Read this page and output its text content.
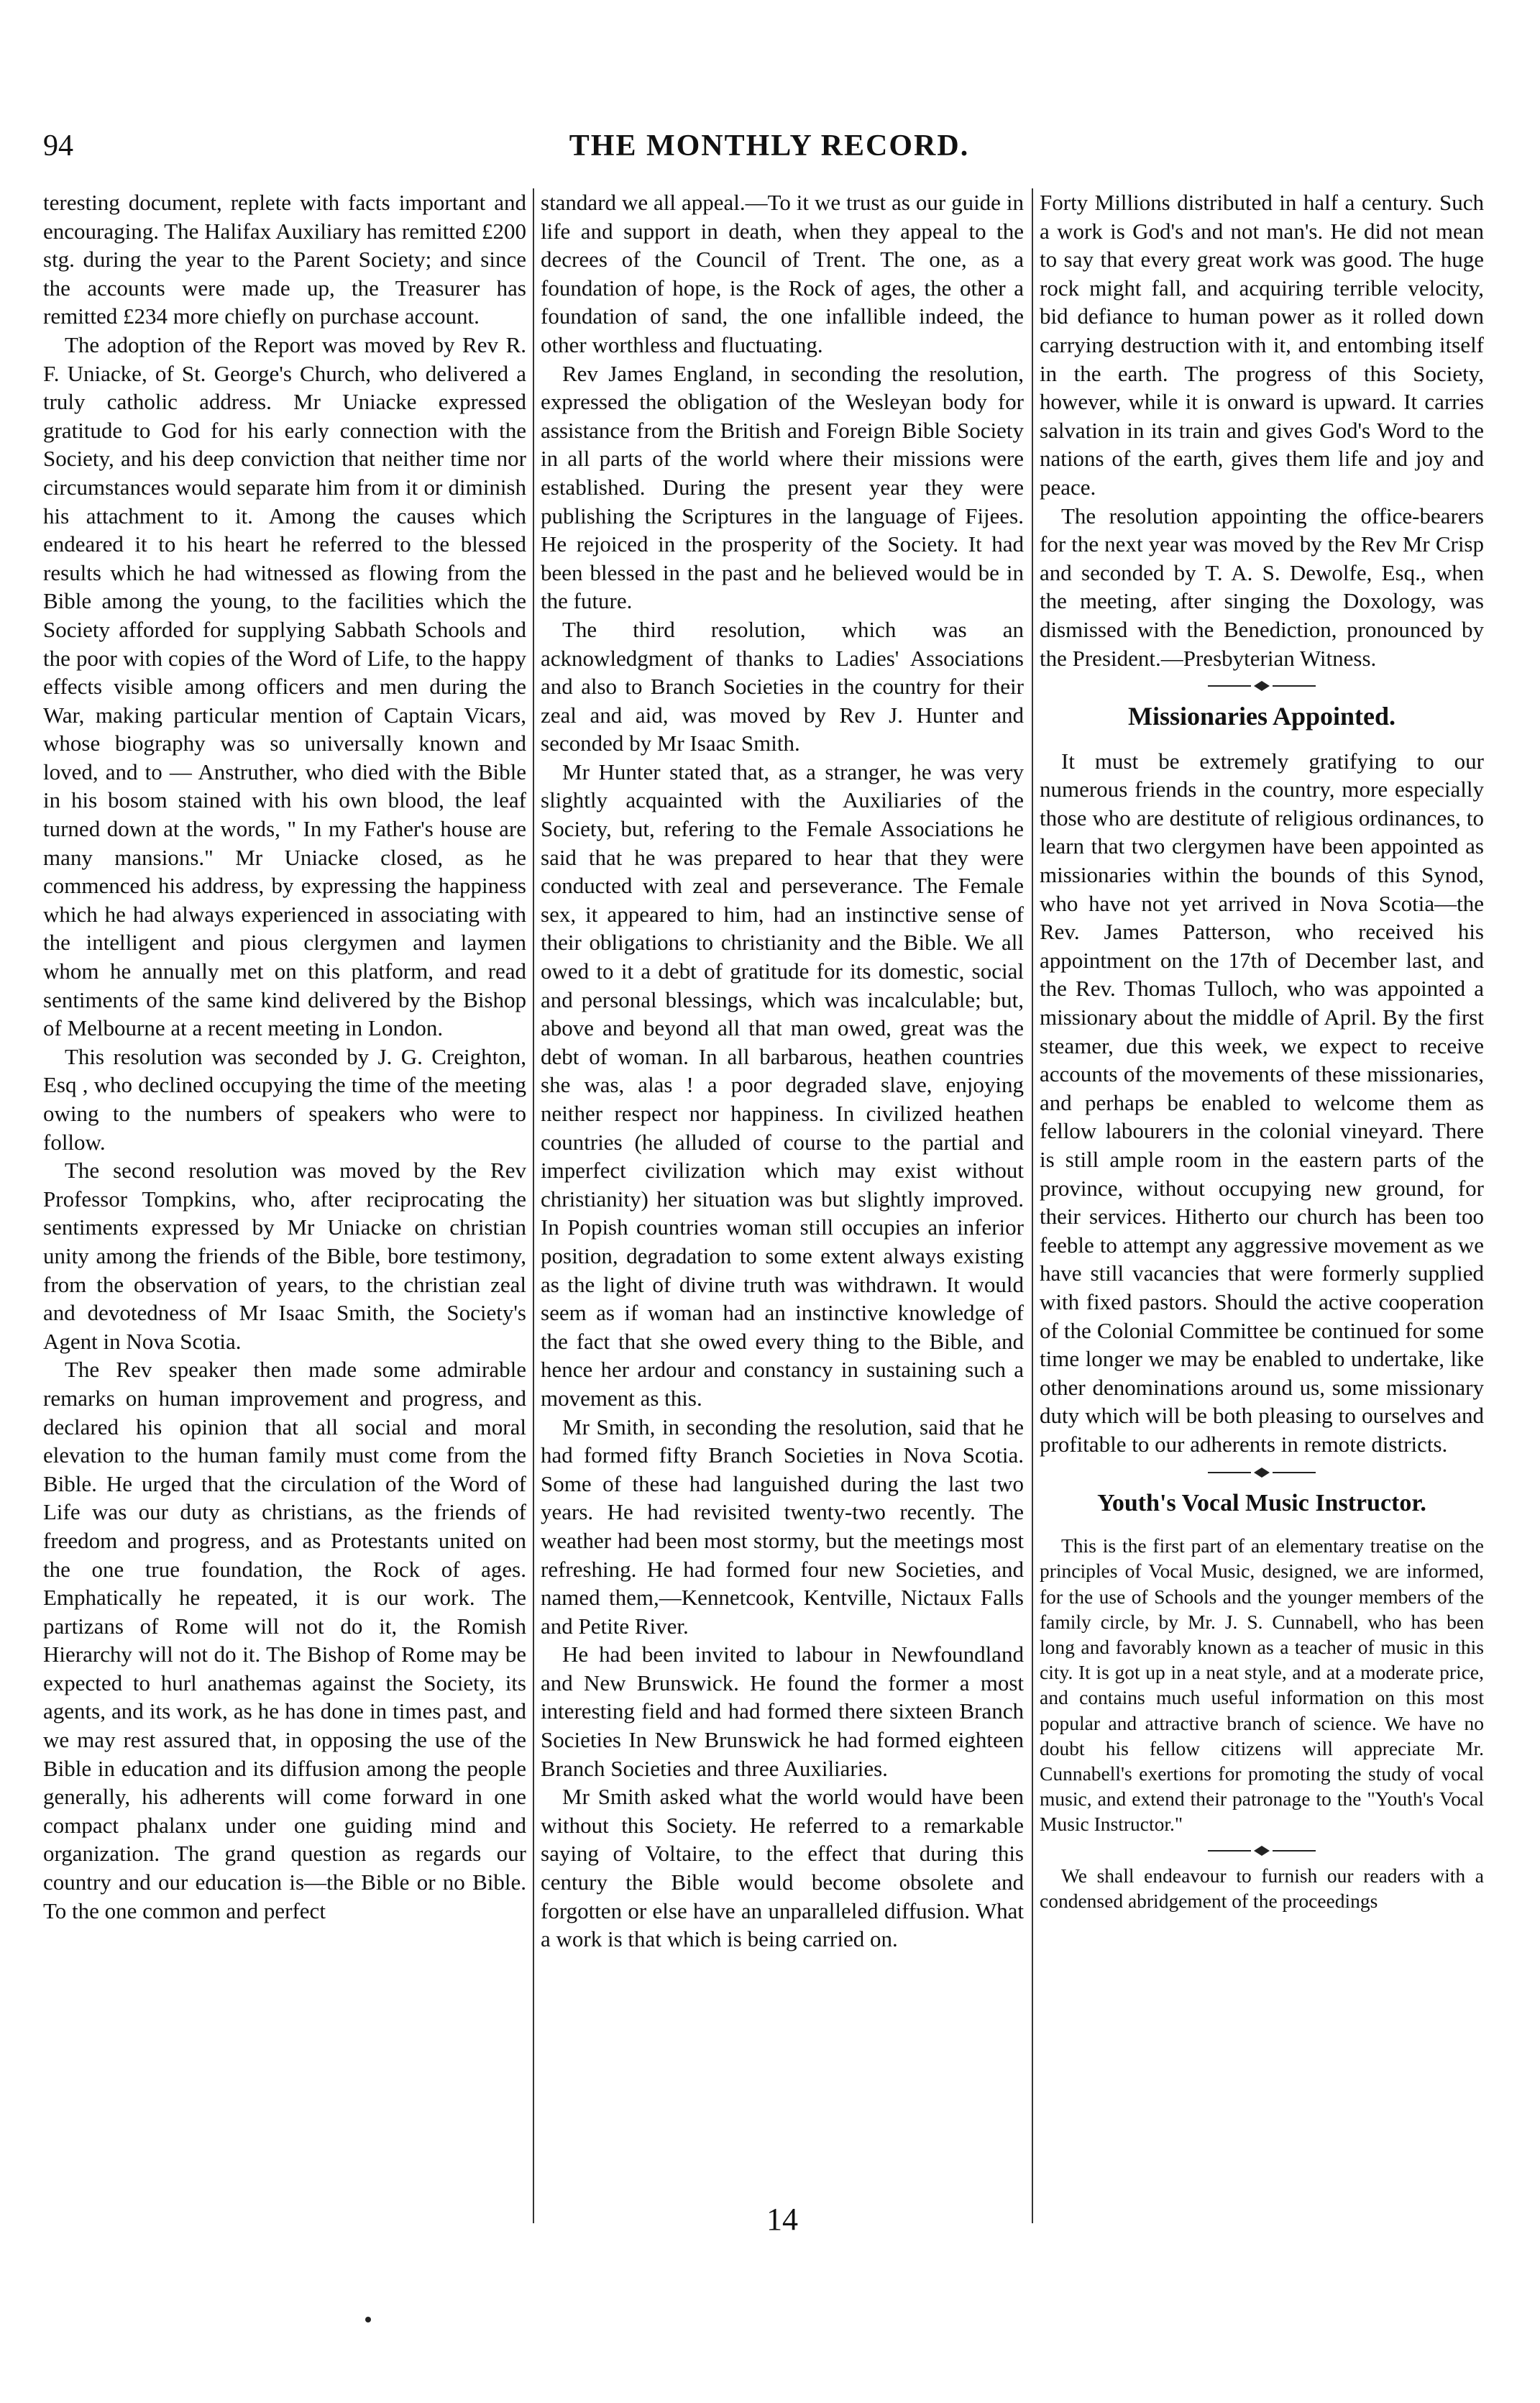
94	THE MONTHLY RECORD.

teresting document, replete with facts important and encouraging. The Halifax Auxiliary has remitted £200 stg. during the year to the Parent Society; and since the accounts were made up, the Treasurer has remitted £234 more chiefly on purchase account.

The adoption of the Report was moved by Rev R. F. Uniacke, of St. George's Church, who delivered a truly catholic address. Mr Uniacke expressed gratitude to God for his early connection with the Society, and his deep conviction that neither time nor circumstances would separate him from it or diminish his attachment to it. Among the causes which endeared it to his heart he referred to the blessed results which he had witnessed as flowing from the Bible among the young, to the facilities which the Society afforded for supplying Sabbath Schools and the poor with copies of the Word of Life, to the happy effects visible among officers and men during the War, making particular mention of Captain Vicars, whose biography was so universally known and loved, and to — Anstruther, who died with the Bible in his bosom stained with his own blood, the leaf turned down at the words, " In my Father's house are many mansions." Mr Uniacke closed, as he commenced his address, by expressing the happiness which he had always experienced in associating with the intelligent and pious clergymen and laymen whom he annually met on this platform, and read sentiments of the same kind delivered by the Bishop of Melbourne at a recent meeting in London.

This resolution was seconded by J. G. Creighton, Esq , who declined occupying the time of the meeting owing to the numbers of speakers who were to follow.

The second resolution was moved by the Rev Professor Tompkins, who, after reciprocating the sentiments expressed by Mr Uniacke on christian unity among the friends of the Bible, bore testimony, from the observation of years, to the christian zeal and devotedness of Mr Isaac Smith, the Society's Agent in Nova Scotia.

The Rev speaker then made some admirable remarks on human improvement and progress, and declared his opinion that all social and moral elevation to the human family must come from the Bible. He urged that the circulation of the Word of Life was our duty as christians, as the friends of freedom and progress, and as Protestants united on the one true foundation, the Rock of ages. Emphatically he repeated, it is our work. The partizans of Rome will not do it, the Romish Hierarchy will not do it. The Bishop of Rome may be expected to hurl anathemas against the Society, its agents, and its work, as he has done in times past, and we may rest assured that, in opposing the use of the Bible in education and its diffusion among the people generally, his adherents will come forward in one compact phalanx under one guiding mind and organization. The grand question as regards our country and our education is—the Bible or no Bible. To the one common and perfect

standard we all appeal.—To it we trust as our guide in life and support in death, when they appeal to the decrees of the Council of Trent. The one, as a foundation of hope, is the Rock of ages, the other a foundation of sand, the one infallible indeed, the other worthless and fluctuating.

Rev James England, in seconding the resolution, expressed the obligation of the Wesleyan body for assistance from the British and Foreign Bible Society in all parts of the world where their missions were established. During the present year they were publishing the Scriptures in the language of Fijees. He rejoiced in the prosperity of the Society. It had been blessed in the past and he believed would be in the future.

The third resolution, which was an acknowledgment of thanks to Ladies' Associations and also to Branch Societies in the country for their zeal and aid, was moved by Rev J. Hunter and seconded by Mr Isaac Smith.

Mr Hunter stated that, as a stranger, he was very slightly acquainted with the Auxiliaries of the Society, but, refering to the Female Associations he said that he was prepared to hear that they were conducted with zeal and perseverance. The Female sex, it appeared to him, had an instinctive sense of their obligations to christianity and the Bible. We all owed to it a debt of gratitude for its domestic, social and personal blessings, which was incalculable; but, above and beyond all that man owed, great was the debt of woman. In all barbarous, heathen countries she was, alas ! a poor degraded slave, enjoying neither respect nor happiness. In civilized heathen countries (he alluded of course to the partial and imperfect civilization which may exist without christianity) her situation was but slightly improved. In Popish countries woman still occupies an inferior position, degradation to some extent always existing as the light of divine truth was withdrawn. It would seem as if woman had an instinctive knowledge of the fact that she owed every thing to the Bible, and hence her ardour and constancy in sustaining such a movement as this.

Mr Smith, in seconding the resolution, said that he had formed fifty Branch Societies in Nova Scotia. Some of these had languished during the last two years. He had revisited twenty-two recently. The weather had been most stormy, but the meetings most refreshing. He had formed four new Societies, and named them,—Kennetcook, Kentville, Nictaux Falls and Petite River.

He had been invited to labour in Newfoundland and New Brunswick. He found the former a most interesting field and had formed there sixteen Branch Societies In New Brunswick he had formed eighteen Branch Societies and three Auxiliaries.

Mr Smith asked what the world would have been without this Society. He referred to a remarkable saying of Voltaire, to the effect that during this century the Bible would become obsolete and forgotten or else have an unparalleled diffusion. What a work is that which is being carried on.

Forty Millions distributed in half a century. Such a work is God's and not man's. He did not mean to say that every great work was good. The huge rock might fall, and acquiring terrible velocity, bid defiance to human power as it rolled down carrying destruction with it, and entombing itself in the earth. The progress of this Society, however, while it is onward is upward. It carries salvation in its train and gives God's Word to the nations of the earth, gives them life and joy and peace.

The resolution appointing the office-bearers for the next year was moved by the Rev Mr Crisp and seconded by T. A. S. Dewolfe, Esq., when the meeting, after singing the Doxology, was dismissed with the Benediction, pronounced by the President.—Presbyterian Witness.

Missionaries Appointed.

It must be extremely gratifying to our numerous friends in the country, more especially those who are destitute of religious ordinances, to learn that two clergymen have been appointed as missionaries within the bounds of this Synod, who have not yet arrived in Nova Scotia—the Rev. James Patterson, who received his appointment on the 17th of December last, and the Rev. Thomas Tulloch, who was appointed a missionary about the middle of April. By the first steamer, due this week, we expect to receive accounts of the movements of these missionaries, and perhaps be enabled to welcome them as fellow labourers in the colonial vineyard. There is still ample room in the eastern parts of the province, without occupying new ground, for their services. Hitherto our church has been too feeble to attempt any aggressive movement as we have still vacancies that were formerly supplied with fixed pastors. Should the active cooperation of the Colonial Committee be continued for some time longer we may be enabled to undertake, like other denominations around us, some missionary duty which will be both pleasing to ourselves and profitable to our adherents in remote districts.

Youth's Vocal Music Instructor.

This is the first part of an elementary treatise on the principles of Vocal Music, designed, we are informed, for the use of Schools and the younger members of the family circle, by Mr. J. S. Cunnabell, who has been long and favorably known as a teacher of music in this city. It is got up in a neat style, and at a moderate price, and contains much useful information on this most popular and attractive branch of science. We have no doubt his fellow citizens will appreciate Mr. Cunnabell's exertions for promoting the study of vocal music, and extend their patronage to the "Youth's Vocal Music Instructor."

We shall endeavour to furnish our readers with a condensed abridgement of the proceedings

14
